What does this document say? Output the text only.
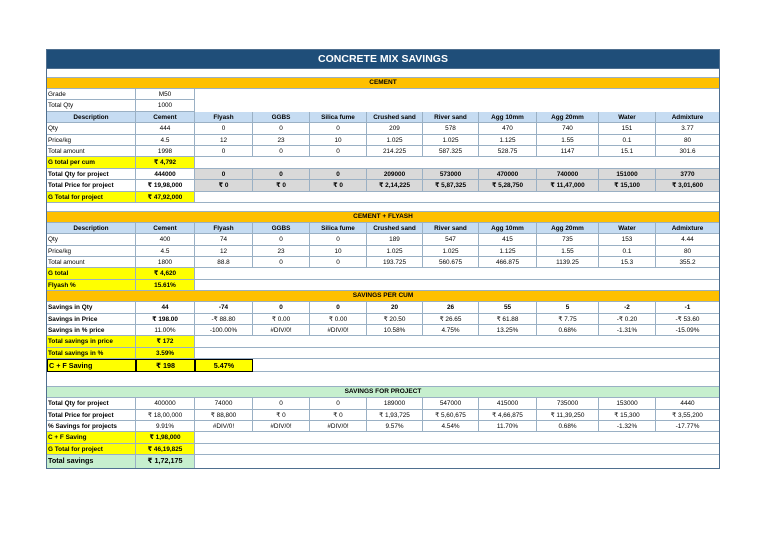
CONCRETE MIX SAVINGS
CEMENT
Grade	M50
Total Qty	1000
Description	Cement	Flyash	GGBS	Silica fume	Crushed sand	River sand	Agg 10mm	Agg 20mm	Water	Admixture
Qty	444	0	0	0	209	578	470	740	151	3.77
Price/kg	4.5	12	23	10	1.025	1.025	1.125	1.55	0.1	80
Total amount	1998	0	0	0	214.225	587.325	528.75	1147	15.1	301.6
G total per cum	₹ 4,792
Total Qty for project	444000	0	0	0	209000	573000	470000	740000	151000	3770
Total Price for project	₹ 19,98,000	₹ 0	₹ 0	₹ 0	₹ 2,14,225	₹ 5,87,325	₹ 5,28,750	₹ 11,47,000	₹ 15,100	₹ 3,01,600
G Total for project	₹ 47,92,000
CEMENT + FLYASH
Description	Cement	Flyash	GGBS	Silica fume	Crushed sand	River sand	Agg 10mm	Agg 20mm	Water	Admixture
Qty	400	74	0	0	189	547	415	735	153	4.44
Price/kg	4.5	12	23	10	1.025	1.025	1.125	1.55	0.1	80
Total amount	1800	88.8	0	0	193.725	560.675	466.875	1139.25	15.3	355.2
G total	₹ 4,620
Flyash %	15.61%
SAVINGS PER CUM
Savings in Qty	44	-74	0	0	20	26	55	5	-2	-1
Savings in Price	₹ 198.00	-₹ 88.80	₹ 0.00	₹ 0.00	₹ 20.50	₹ 26.65	₹ 61.88	₹ 7.75	-₹ 0.20	-₹ 53.60
Savings in % price	11.00%	-100.00%	#DIV/0!	#DIV/0!	10.58%	4.75%	13.25%	0.68%	-1.31%	-15.09%
Total savings in price	₹ 172
Total savings in %	3.59%
C + F Saving	₹ 198	5.47%
SAVINGS FOR PROJECT
Total Qty for project	400000	74000	0	0	189000	547000	415000	735000	153000	4440
Total Price for project	₹ 18,00,000	₹ 88,800	₹ 0	₹ 0	₹ 1,93,725	₹ 5,60,675	₹ 4,66,875	₹ 11,39,250	₹ 15,300	₹ 3,55,200
% Savings for projects	9.91%	#DIV/0!	#DIV/0!	#DIV/0!	9.57%	4.54%	11.70%	0.68%	-1.32%	-17.77%
C + F Saving	₹ 1,98,000
G Total for project	₹ 46,19,825
Total savings	₹ 1,72,175
